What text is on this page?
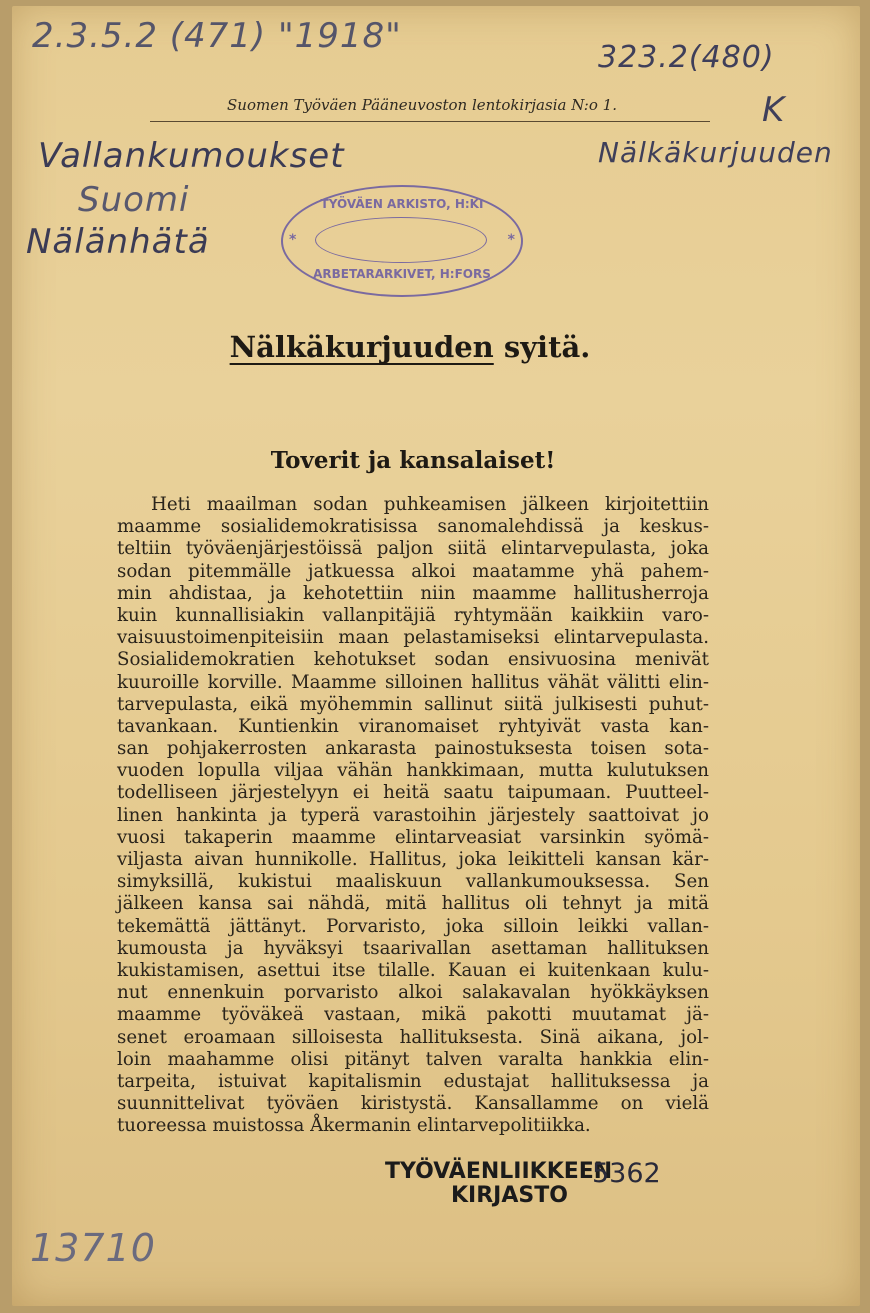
2.3.5.2 (471) "1918"
323.2(480)
K
Nälkäkurjuuden
Vallankumoukset
Suomi
Nälänhätä
13710
Suomen Työväen Pääneuvoston lentokirjasia N:o 1.
TYÖVÄEN ARKISTO, H:KI
*	*
ARBETARARKIVET, H:FORS
Nälkäkurjuuden syitä.
Toverit ja kansalaiset!
Heti maailman sodan puhkeamisen jälkeen kirjoitettiin
maamme sosialidemokratisissa sanomalehdissä ja keskus-
teltiin työväenjärjestöissä paljon siitä elintarvepulasta, joka
sodan pitemmälle jatkuessa alkoi maatamme yhä pahem-
min ahdistaa, ja kehotettiin niin maamme hallitusherroja
kuin kunnallisiakin vallanpitäjiä ryhtymään kaikkiin varo-
vaisuustoimenpiteisiin maan pelastamiseksi elintarvepulasta.
Sosialidemokratien kehotukset sodan ensivuosina menivät
kuuroille korville. Maamme silloinen hallitus vähät välitti elin-
tarvepulasta, eikä myöhemmin sallinut siitä julkisesti puhut-
tavankaan. Kuntienkin viranomaiset ryhtyivät vasta kan-
san pohjakerrosten ankarasta painostuksesta toisen sota-
vuoden lopulla viljaa vähän hankkimaan, mutta kulutuksen
todelliseen järjestelyyn ei heitä saatu taipumaan. Puutteel-
linen hankinta ja typerä varastoihin järjestely saattoivat jo
vuosi takaperin maamme elintarveasiat varsinkin syömä-
viljasta aivan hunnikolle. Hallitus, joka leikitteli kansan kär-
simyksillä, kukistui maaliskuun vallankumouksessa. Sen
jälkeen kansa sai nähdä, mitä hallitus oli tehnyt ja mitä
tekemättä jättänyt. Porvaristo, joka silloin leikki vallan-
kumousta ja hyväksyi tsaarivallan asettaman hallituksen
kukistamisen, asettui itse tilalle. Kauan ei kuitenkaan kulu-
nut ennenkuin porvaristo alkoi salakavalan hyökkäyksen
maamme työväkeä vastaan, mikä pakotti muutamat jä-
senet eroamaan silloisesta hallituksesta. Sinä aikana, jol-
loin maahamme olisi pitänyt talven varalta hankkia elin-
tarpeita, istuivat kapitalismin edustajat hallituksessa ja
suunnittelivat työväen kiristystä. Kansallamme on vielä
tuoreessa muistossa Åkermanin elintarvepolitiikka.
TYÖVÄENLIIKKEEN
KIRJASTO
5362
